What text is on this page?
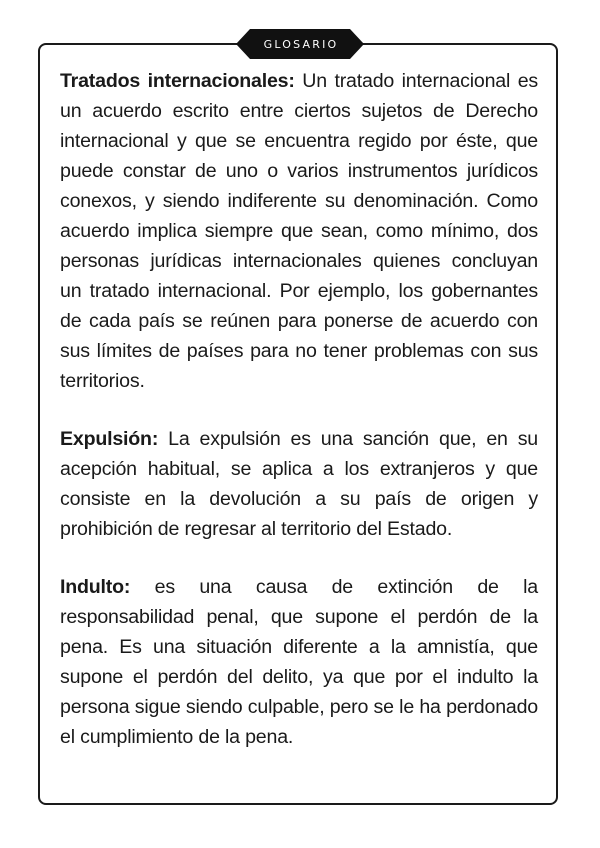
GLOSARIO

Tratados internacionales: Un tratado internacional es un acuerdo escrito entre ciertos sujetos de Derecho internacional y que se encuentra regido por éste, que puede constar de uno o varios instrumentos jurídicos conexos, y siendo indiferente su denominación. Como acuerdo implica siempre que sean, como mínimo, dos personas jurídicas internacionales quienes concluyan un tratado internacional. Por ejemplo, los gobernantes de cada país se reúnen para ponerse de acuerdo con sus límites de países para no tener problemas con sus territorios.

Expulsión: La expulsión es una sanción que, en su acepción habitual, se aplica a los extranjeros y que consiste en la devolución a su país de origen y prohibición de regresar al territorio del Estado.

Indulto: es una causa de extinción de la responsabilidad penal, que supone el perdón de la pena. Es una situación diferente a la amnistía, que supone el perdón del delito, ya que por el indulto la persona sigue siendo culpable, pero se le ha perdonado el cumplimiento de la pena.
